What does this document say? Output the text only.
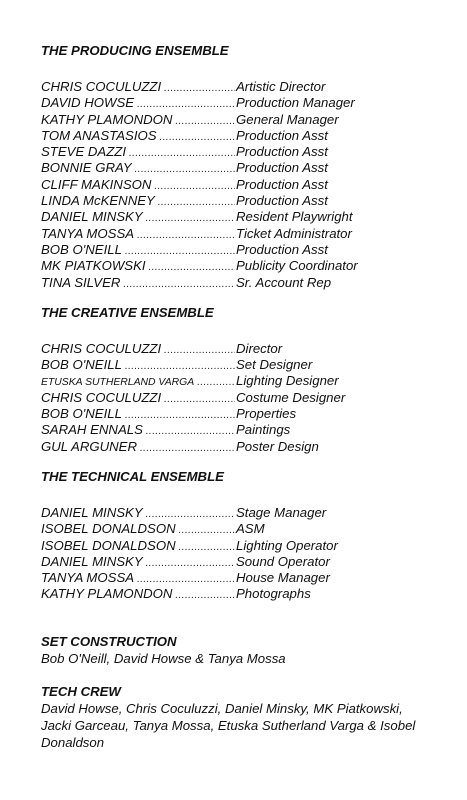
THE PRODUCING ENSEMBLE
CHRIS COCULUZZI .....	Artistic Director
DAVID HOWSE .....	Production Manager
KATHY PLAMONDON .....	General Manager
TOM ANASTASIOS .....	Production Asst
STEVE DAZZI .....	Production Asst
BONNIE GRAY .....	Production Asst
CLIFF MAKINSON .....	Production Asst
LINDA McKENNEY .....	Production Asst
DANIEL MINSKY .....	Resident Playwright
TANYA MOSSA .....	Ticket Administrator
BOB O'NEILL .....	Production Asst
MK PIATKOWSKI .....	Publicity Coordinator
TINA SILVER .....	Sr. Account Rep
THE CREATIVE ENSEMBLE
CHRIS COCULUZZI .....	Director
BOB O'NEILL .....	Set Designer
ETUSKA SUTHERLAND VARGA .....	Lighting Designer
CHRIS COCULUZZI .....	Costume Designer
BOB O'NEILL .....	Properties
SARAH ENNALS .....	Paintings
GUL ARGUNER .....	Poster Design
THE TECHNICAL ENSEMBLE
DANIEL MINSKY .....	Stage Manager
ISOBEL DONALDSON .....	ASM
ISOBEL DONALDSON .....	Lighting Operator
DANIEL MINSKY .....	Sound Operator
TANYA MOSSA .....	House Manager
KATHY PLAMONDON .....	Photographs
SET CONSTRUCTION

Bob O'Neill, David Howse & Tanya Mossa

TECH CREW

David Howse, Chris Coculuzzi, Daniel Minsky, MK Piatkowski, Jacki Garceau, Tanya Mossa, Etuska Sutherland Varga & Isobel Donaldson
